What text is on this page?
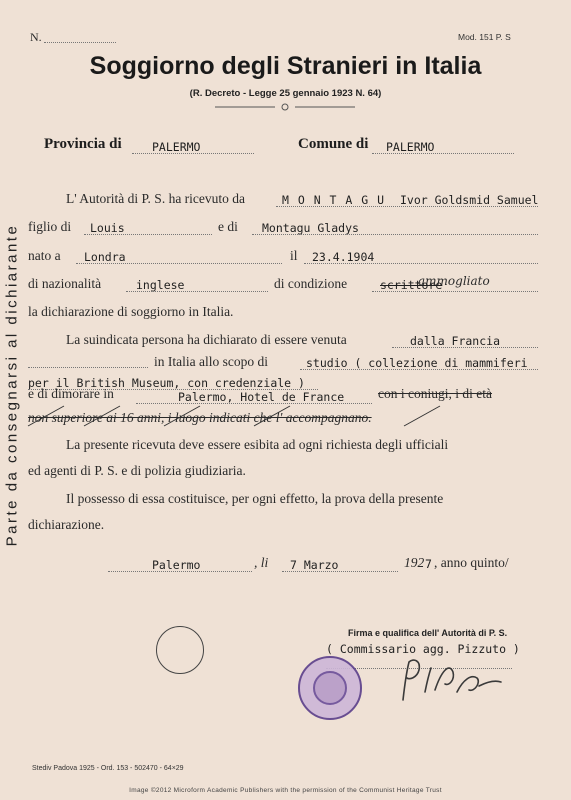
N.	Mod. 151 P. S
Soggiorno degli Stranieri in Italia
(R. Decreto - Legge 25 gennaio 1923 N. 64)
Provincia di	PALERMO	Comune di PALERMO
Parte da consegnarsi al dichiarante
L' Autorità di P. S. ha ricevuto da	M O N T A G U Ivor Goldsmid Samuel
figlio di Louis	e di Montagu Gladys
nato a Londra	il 23.4.1904
di nazionalità	inglese	di condizione	scrittore
ammogliato
la dichiarazione di soggiorno in Italia.
La suindicata persona ha dichiarato di essere venuta	dalla Francia
in Italia allo scopo di	studio ( collezione di mammiferi
per il British Museum, con credenziale )
e di dimorare in	Palermo, Hotel de France	con i coniugi, i di età
non superiore ai 16 anni, i luogo indicati che l' accompagnano.
La presente ricevuta deve essere esibita ad ogni richiesta degli ufficiali
ed agenti di P. S. e di polizia giudiziaria.
Il possesso di essa costituisce, per ogni effetto, la prova della presente
dichiarazione.
Palermo	, li 7 Marzo	192 7 , anno quinto/
Firma e qualifica dell' Autorità di P. S.
( Commissario agg. Pizzuto )
Stediv Padova 1925 - Ord. 153 - 502470 - 64×29
Image ©2012 Microform Academic Publishers with the permission of the Communist Heritage Trust
